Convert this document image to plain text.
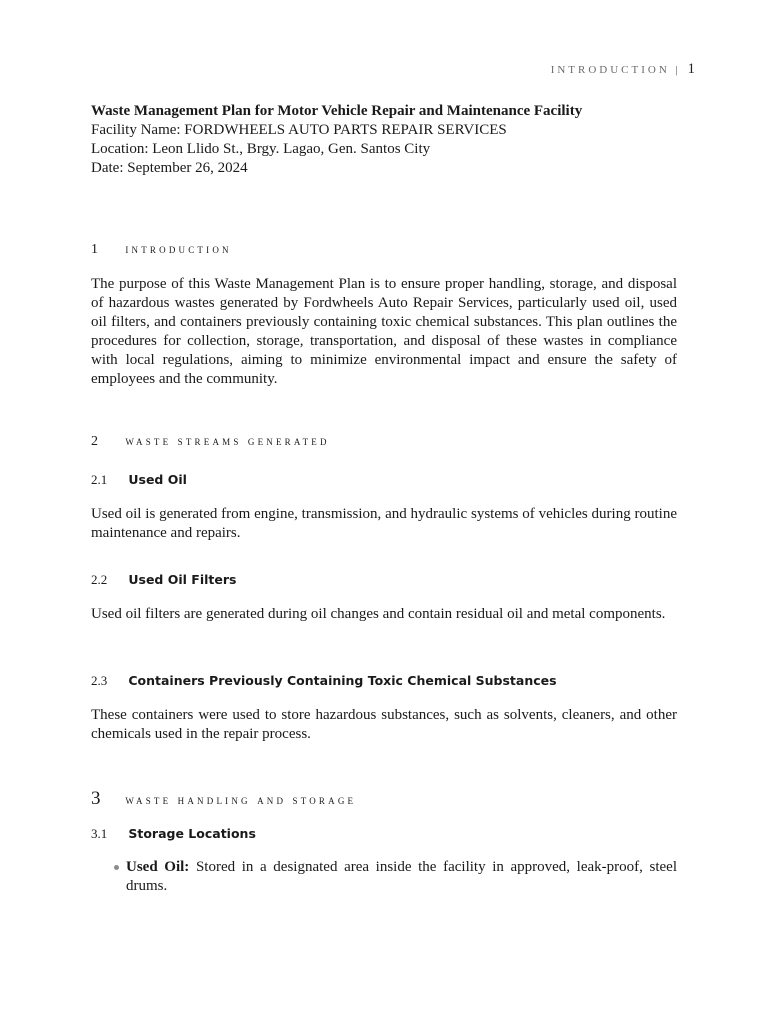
INTRODUCTION | 1
Waste Management Plan for Motor Vehicle Repair and Maintenance Facility
Facility Name: FORDWHEELS AUTO PARTS REPAIR SERVICES
Location: Leon Llido St., Brgy. Lagao, Gen. Santos City
Date: September 26, 2024
1 introduction
The purpose of this Waste Management Plan is to ensure proper handling, storage, and disposal of hazardous wastes generated by Fordwheels Auto Repair Services, particularly used oil, used oil filters, and containers previously containing toxic chemical substances. This plan outlines the procedures for collection, storage, transportation, and disposal of these wastes in compliance with local regulations, aiming to minimize environmental impact and ensure the safety of employees and the community.
2 waste streams generated
2.1 Used Oil
Used oil is generated from engine, transmission, and hydraulic systems of vehicles during routine maintenance and repairs.
2.2 Used Oil Filters
Used oil filters are generated during oil changes and contain residual oil and metal components.
2.3 Containers Previously Containing Toxic Chemical Substances
These containers were used to store hazardous substances, such as solvents, cleaners, and other chemicals used in the repair process.
3 waste handling and storage
3.1 Storage Locations
Used Oil: Stored in a designated area inside the facility in approved, leak-proof, steel drums.
